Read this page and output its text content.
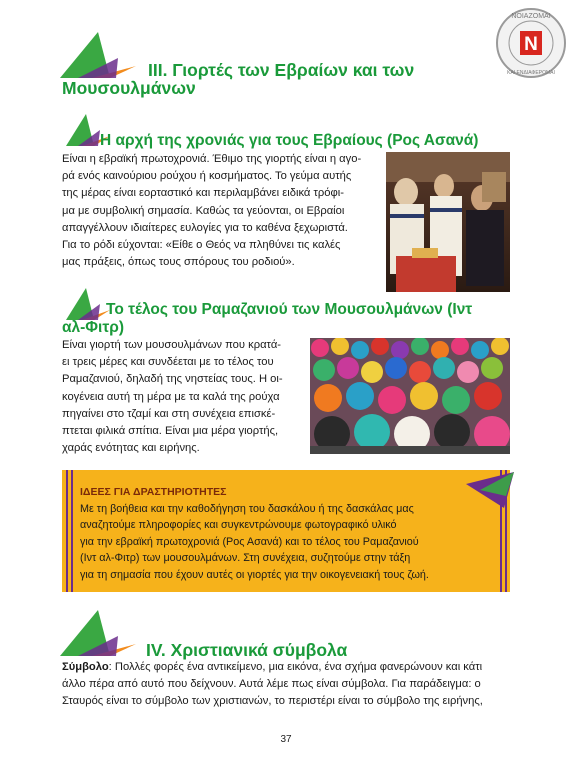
N
ΝΟΙΑΖΟΜΑΙ
ΚΑΙ ΕΝΔΙΑΦΕΡΟΜΑΙ
ΙΙΙ. Γιορτές των Εβραίων και των
Μουσουλμάνων
Η αρχή της χρονιάς για τους Εβραίους (Ρος Ασανά)
Είναι η εβραϊκή πρωτοχρονιά. Έθιμο της γιορτής είναι η αγο-
ρά ενός καινούριου ρούχου ή κοσμήματος. Το γεύμα αυτής
της μέρας είναι εορταστικό και περιλαμβάνει ειδικά τρόφι-
μα με συμβολική σημασία. Καθώς τα γεύονται, οι Εβραίοι
απαγγέλλουν ιδιαίτερες ευλογίες για το καθένα ξεχωριστά.
Για το ρόδι εύχονται: «Είθε ο Θεός να πληθύνει τις καλές
μας πράξεις, όπως τους σπόρους του ροδιού».
Το τέλος του Ραμαζανιού των Μουσουλμάνων (Ιντ
αλ-Φιτρ)
Είναι γιορτή των μουσουλμάνων που κρατά-
ει τρεις μέρες και συνδέεται με το τέλος του
Ραμαζανιού, δηλαδή της νηστείας τους. Η οι-
κογένεια αυτή τη μέρα με τα καλά της ρούχα
πηγαίνει στο τζαμί και στη συνέχεια επισκέ-
πτεται φιλικά σπίτια. Είναι μια μέρα γιορτής,
χαράς ενότητας και ειρήνης.
ΙΔΕΕΣ ΓΙΑ ΔΡΑΣΤΗΡΙΟΤΗΤΕΣ
Με τη βοήθεια και την καθοδήγηση του δασκάλου ή της δασκάλας μας
αναζητούμε πληροφορίες και συγκεντρώνουμε φωτογραφικό υλικό
για την εβραϊκή πρωτοχρονιά (Ρος Ασανά) και το τέλος του Ραμαζανιού
(Ιντ αλ-Φιτρ) των μουσουλμάνων. Στη συνέχεια, συζητούμε στην τάξη
για τη σημασία που έχουν αυτές οι γιορτές για την οικογενειακή τους ζωή.
IV. Χριστιανικά σύμβολα
Σύμβολο: Πολλές φορές ένα αντικείμενο, μια εικόνα, ένα σχήμα φανερώνουν και κάτι
άλλο πέρα από αυτό που δείχνουν. Αυτά λέμε πως είναι σύμβολα. Για παράδειγμα: ο
Σταυρός είναι το σύμβολο των χριστιανών, το περιστέρι είναι το σύμβολο της ειρήνης,
37
